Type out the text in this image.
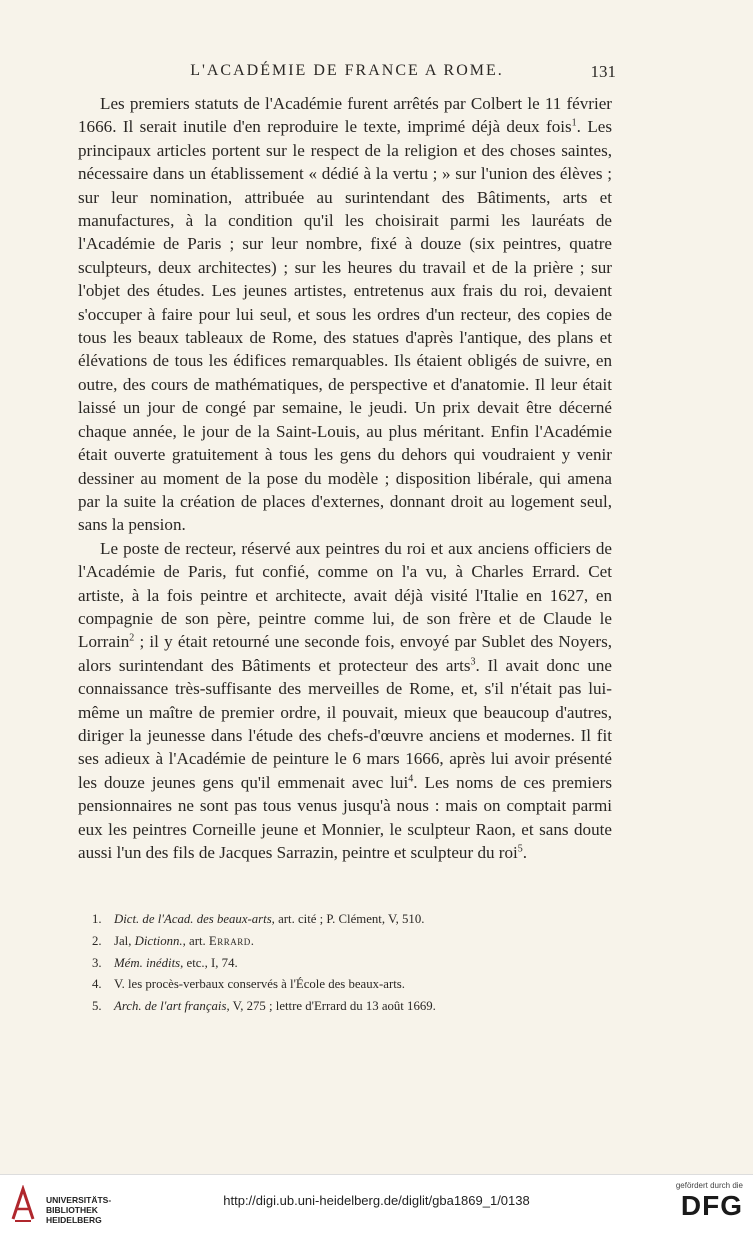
L'ACADÉMIE DE FRANCE A ROME.	131

Les premiers statuts de l'Académie furent arrêtés par Colbert le 11 février 1666. Il serait inutile d'en reproduire le texte, imprimé déjà deux fois$^1$. Les principaux articles portent sur le respect de la religion et des choses saintes, nécessaire dans un établissement « dédié à la vertu ; » sur l'union des élèves ; sur leur nomination, attribuée au surintendant des Bâtiments, arts et manufactures, à la condition qu'il les choisirait parmi les lauréats de l'Académie de Paris ; sur leur nombre, fixé à douze (six peintres, quatre sculpteurs, deux architectes) ; sur les heures du travail et de la prière ; sur l'objet des études. Les jeunes artistes, entretenus aux frais du roi, devaient s'occuper à faire pour lui seul, et sous les ordres d'un recteur, des copies de tous les beaux tableaux de Rome, des statues d'après l'antique, des plans et élévations de tous les édifices remarquables. Ils étaient obligés de suivre, en outre, des cours de mathématiques, de perspective et d'anatomie. Il leur était laissé un jour de congé par semaine, le jeudi. Un prix devait être décerné chaque année, le jour de la Saint-Louis, au plus méritant. Enfin l'Académie était ouverte gratuitement à tous les gens du dehors qui voudraient y venir dessiner au moment de la pose du modèle ; disposition libérale, qui amena par la suite la création de places d'externes, donnant droit au logement seul, sans la pension.

Le poste de recteur, réservé aux peintres du roi et aux anciens officiers de l'Académie de Paris, fut confié, comme on l'a vu, à Charles Errard. Cet artiste, à la fois peintre et architecte, avait déjà visité l'Italie en 1627, en compagnie de son père, peintre comme lui, de son frère et de Claude le Lorrain$^2$ ; il y était retourné une seconde fois, envoyé par Sublet des Noyers, alors surintendant des Bâtiments et protecteur des arts$^3$. Il avait donc une connaissance très-suffisante des merveilles de Rome, et, s'il n'était pas lui-même un maître de premier ordre, il pouvait, mieux que beaucoup d'autres, diriger la jeunesse dans l'étude des chefs-d'œuvre anciens et modernes. Il fit ses adieux à l'Académie de peinture le 6 mars 1666, après lui avoir présenté les douze jeunes gens qu'il emmenait avec lui$^4$. Les noms de ces premiers pensionnaires ne sont pas tous venus jusqu'à nous : mais on comptait parmi eux les peintres Corneille jeune et Monnier, le sculpteur Raon, et sans doute aussi l'un des fils de Jacques Sarrazin, peintre et sculpteur du roi$^5$.

1. Dict. de l'Acad. des beaux-arts, art. cité ; P. Clément, V, 510.
2. Jal, Dictionn., art. Errard.
3. Mém. inédits, etc., I, 74.
4. V. les procès-verbaux conservés à l'École des beaux-arts.
5. Arch. de l'art français, V, 275 ; lettre d'Errard du 13 août 1669.
UNIVERSITÄTS-
BIBLIOTHEK
HEIDELBERG
http://digi.ub.uni-heidelberg.de/diglit/gba1869_1/0138
gefördert durch die
DFG
